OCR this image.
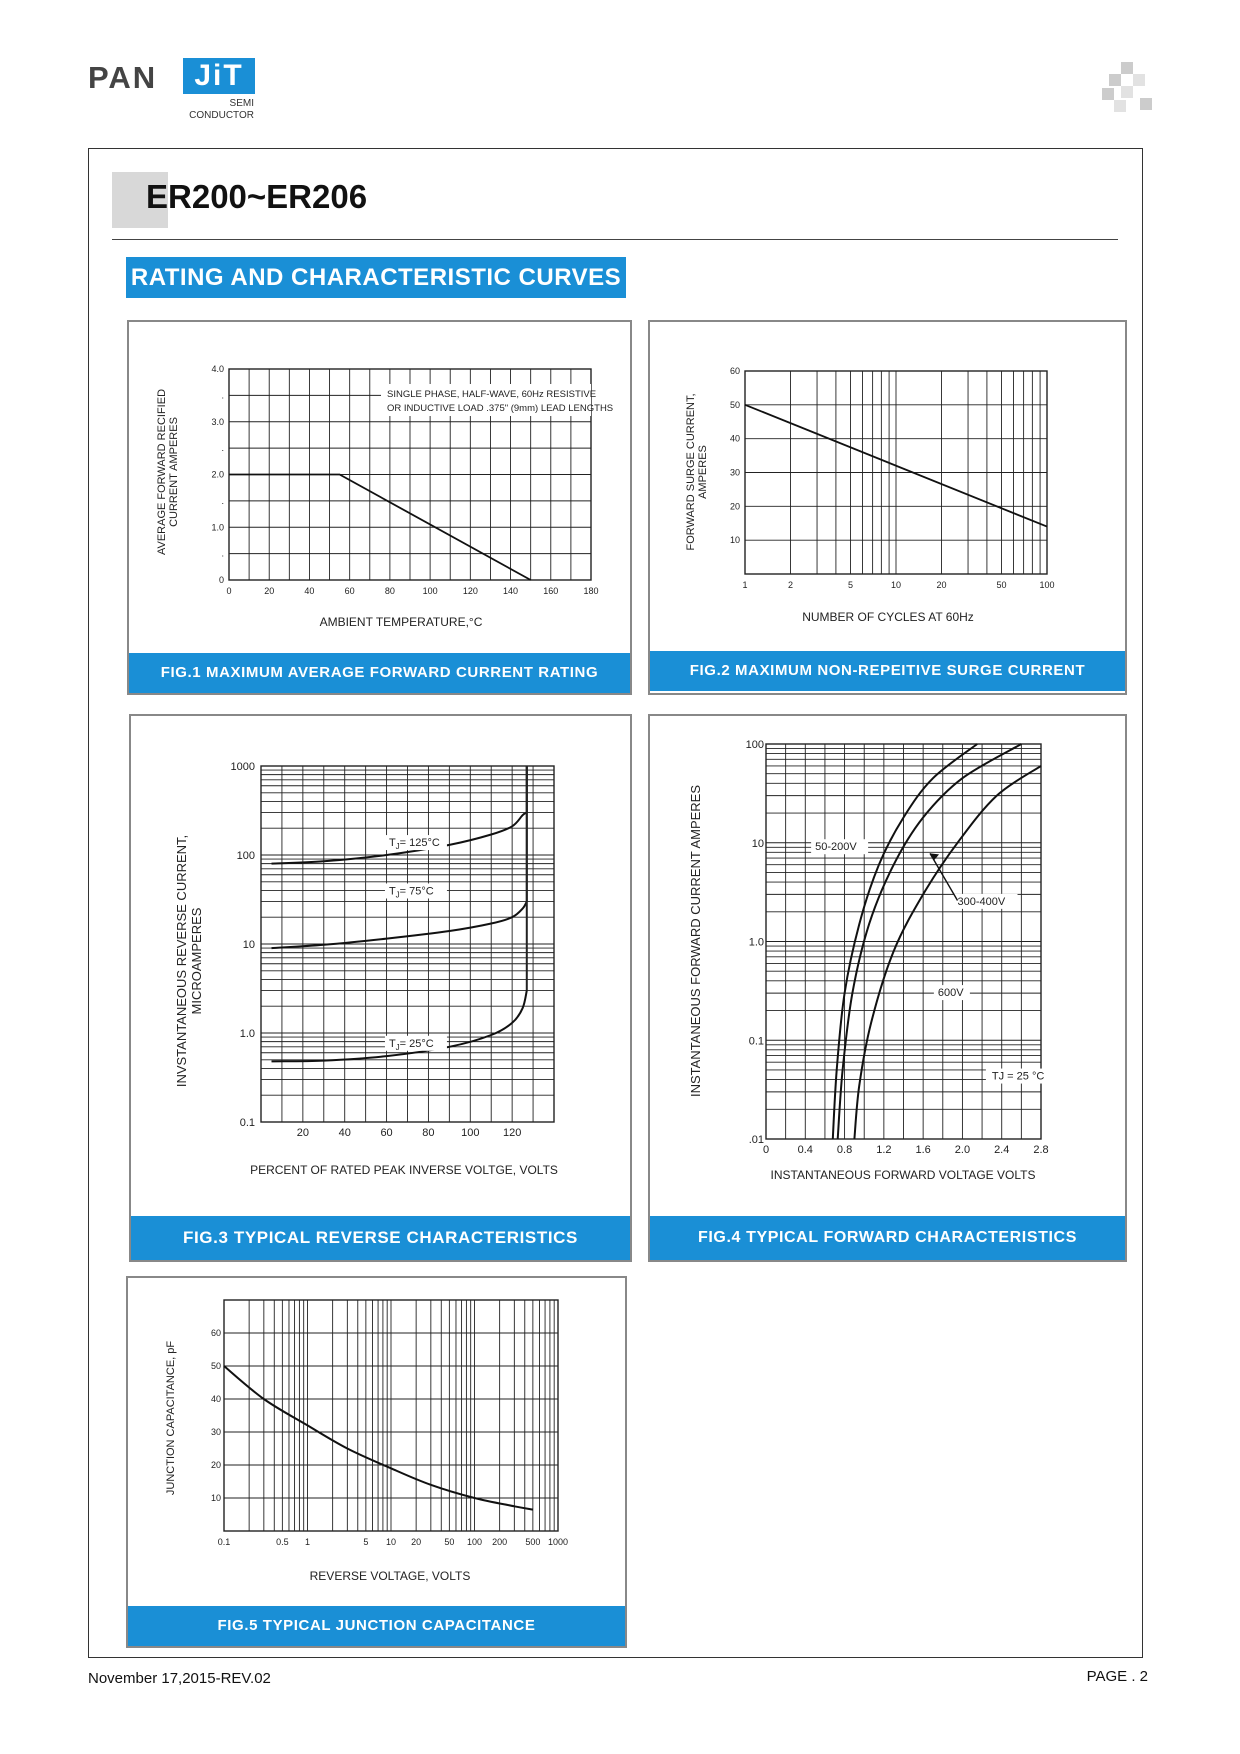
PAN	JiT
SEMI
CONDUCTOR
ER200~ER206
RATING AND CHARACTERISTIC CURVES
SINGLE PHASE, HALF-WAVE, 60Hz RESISTIVE
OR INDUCTIVE LOAD .375" (9mm) LEAD LENGTHS
0	20	40	60	80	100	120	140	160	180
0
.
1.0
.
2.0
.
3.0
.
4.0
AMBIENT TEMPERATURE,°C
AVERAGE FORWARD RECIFIED CURRENT AMPERES
FIG.1 MAXIMUM AVERAGE FORWARD CURRENT RATING
1	2	5	10	20	50	100
10
20
30
40
50
60
NUMBER OF CYCLES AT 60Hz
FORWARD SURGE CURRENT, AMPERES
FIG.2 MAXIMUM NON-REPEITIVE SURGE CURRENT
20	40	60	80 100 120
0.1
1.0
10
100
1000
PERCENT OF RATED PEAK INVERSE VOLTGE, VOLTS
INVSTANTANEOUS REVERSE CURRENT, MICROAMPERES
$T_J= 125^\circ C$
$T_J= 75^\circ C$
$T_J= 25^\circ C$
FIG.3 TYPICAL REVERSE CHARACTERISTICS
0	0.4 0.8 1.2 1.6 2.0 2.4 2.8
.01
0.1
1.0
10
100
INSTANTANEOUS FORWARD VOLTAGE VOLTS
INSTANTANEOUS FORWARD CURRENT AMPERES	50-200V
300-400V
600V
TJ = 25 °C
FIG.4 TYPICAL FORWARD CHARACTERISTICS
0.1	0.5 1	5 10 20	50 100 200 500 1000
10
20
30
40
50
60
REVERSE VOLTAGE, VOLTS
JUNCTION CAPACITANCE, pF
FIG.5 TYPICAL JUNCTION CAPACITANCE
November 17,2015-REV.02	PAGE . 2
